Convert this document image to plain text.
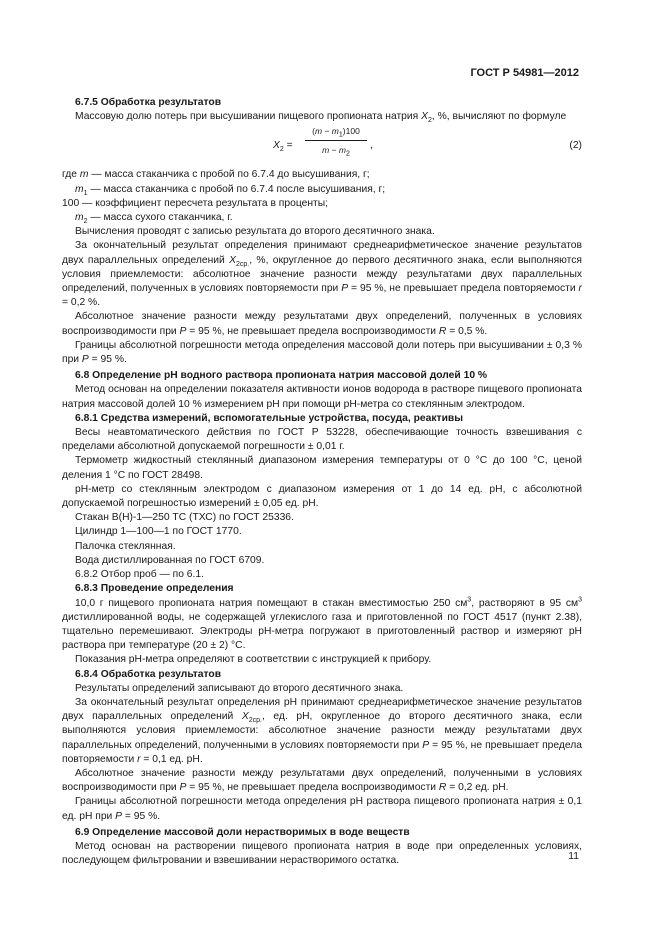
ГОСТ Р 54981—2012

6.7.5 Обработка результатов

Массовую долю потерь при высушивании пищевого пропионата натрия $X_2$, %, вычисляют по формуле

$X_2 = \frac{(m - m_1)100}{m - m_2}$ ,	(2)

где m — масса стаканчика с пробой по 6.7.4 до высушивания, г;

$m_1$ — масса стаканчика с пробой по 6.7.4 после высушивания, г;

100 — коэффициент пересчета результата в проценты;

$m_2$ — масса сухого стаканчика, г.

Вычисления проводят с записью результата до второго десятичного знака.

За окончательный результат определения принимают среднеарифметическое значение результатов двух параллельных определений $X_{2ср.}$, %, округленное до первого десятичного знака, если выполняются условия приемлемости: абсолютное значение разности между результатами двух параллельных определений, полученных в условиях повторяемости при P = 95 %, не превышает предела повторяемости r = 0,2 %.

Абсолютное значение разности между результатами двух определений, полученных в условиях воспроизводимости при P = 95 %, не превышает предела воспроизводимости R = 0,5 %.

Границы абсолютной погрешности метода определения массовой доли потерь при высушивании ± 0,3 % при P = 95 %.

6.8 Определение pH водного раствора пропионата натрия массовой долей 10 %

Метод основан на определении показателя активности ионов водорода в растворе пищевого пропионата натрия массовой долей 10 % измерением pH при помощи pH-метра со стеклянным электродом.

6.8.1 Средства измерений, вспомогательные устройства, посуда, реактивы

Весы неавтоматического действия по ГОСТ Р 53228, обеспечивающие точность взвешивания с пределами абсолютной допускаемой погрешности ± 0,01 г.

Термометр жидкостный стеклянный диапазоном измерения температуры от 0 °С до 100 °С, ценой деления 1 °С по ГОСТ 28498.

pH-метр со стеклянным электродом с диапазоном измерения от 1 до 14 ед. pH, с абсолютной допускаемой погрешностью измерений ± 0,05 ед. pH.

Стакан В(Н)-1—250 ТС (ТХС) по ГОСТ 25336.

Цилиндр 1—100—1 по ГОСТ 1770.

Палочка стеклянная.

Вода дистиллированная по ГОСТ 6709.

6.8.2 Отбор проб — по 6.1.

6.8.3 Проведение определения

10,0 г пищевого пропионата натрия помещают в стакан вместимостью 250 $см^3$, растворяют в 95 $см^3$ дистиллированной воды, не содержащей углекислого газа и приготовленной по ГОСТ 4517 (пункт 2.38), тщательно перемешивают. Электроды pH-метра погружают в приготовленный раствор и измеряют pH раствора при температуре (20 ± 2) °С.

Показания pH-метра определяют в соответствии с инструкцией к прибору.

6.8.4 Обработка результатов

Результаты определений записывают до второго десятичного знака.

За окончательный результат определения pH принимают среднеарифметическое значение результатов двух параллельных определений $X_{2ср.}$, ед. pH, округленное до второго десятичного знака, если выполняются условия приемлемости: абсолютное значение разности между результатами двух параллельных определений, полученными в условиях повторяемости при P = 95 %, не превышает предела повторяемости r = 0,1 ед. pH.

Абсолютное значение разности между результатами двух определений, полученными в условиях воспроизводимости при P = 95 %, не превышает предела воспроизводимости R = 0,2 ед. pH.

Границы абсолютной погрешности метода определения pH раствора пищевого пропионата натрия ± 0,1 ед. pH при P = 95 %.

6.9 Определение массовой доли нерастворимых в воде веществ

Метод основан на растворении пищевого пропионата натрия в воде при определенных условиях, последующем фильтровании и взвешивании нерастворимого остатка.	11
